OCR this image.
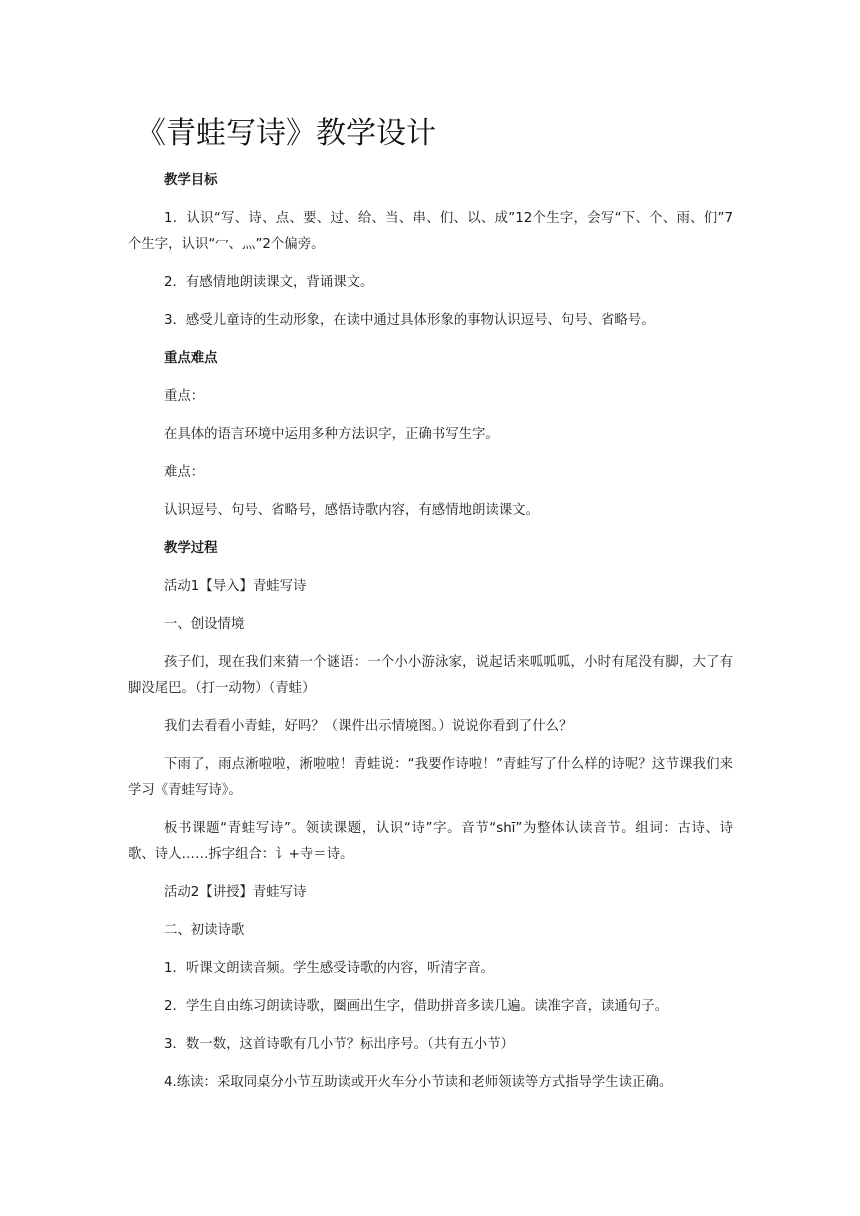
《青蛙写诗》教学设计

教学目标

1．认识“写、诗、点、要、过、给、当、串、们、以、成”12个生字，会写“下、个、雨、们”7个生字，认识“冖、灬”2个偏旁。

2．有感情地朗读课文，背诵课文。

3．感受儿童诗的生动形象，在读中通过具体形象的事物认识逗号、句号、省略号。

重点难点

重点：

在具体的语言环境中运用多种方法识字，正确书写生字。

难点：

认识逗号、句号、省略号，感悟诗歌内容，有感情地朗读课文。

教学过程

活动1【导入】青蛙写诗

一、创设情境

孩子们，现在我们来猜一个谜语：一个小小游泳家，说起话来呱呱呱，小时有尾没有脚，大了有脚没尾巴。（打一动物）（青蛙）

我们去看看小青蛙，好吗？（课件出示情境图。）说说你看到了什么？

下雨了，雨点淅啦啦，淅啦啦！青蛙说：“我要作诗啦！”青蛙写了什么样的诗呢？这节课我们来学习《青蛙写诗》。

板书课题“青蛙写诗”。领读课题，认识“诗”字。音节“shī”为整体认读音节。组词：古诗、诗歌、诗人……拆字组合：讠+寺＝诗。

活动2【讲授】青蛙写诗

二、初读诗歌

1．听课文朗读音频。学生感受诗歌的内容，听清字音。

2．学生自由练习朗读诗歌，圈画出生字，借助拼音多读几遍。读准字音，读通句子。

3．数一数，这首诗歌有几小节？标出序号。（共有五小节）

4.练读：采取同桌分小节互助读或开火车分小节读和老师领读等方式指导学生读正确。
